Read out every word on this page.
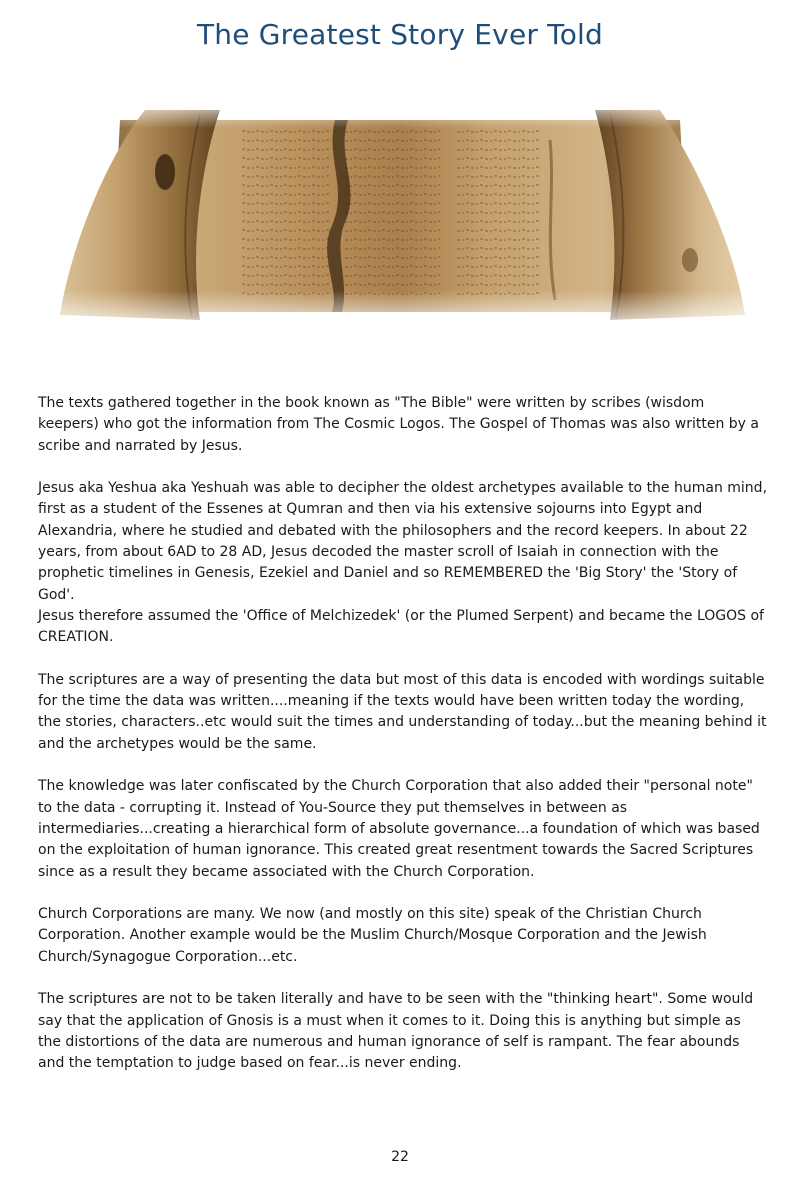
The Greatest Story Ever Told

The texts gathered together in the book known as "The Bible" were written by scribes (wisdom keepers) who got the information from The Cosmic Logos. The Gospel of Thomas was also written by a scribe and narrated by Jesus.

Jesus aka Yeshua aka Yeshuah was able to decipher the oldest archetypes available to the human mind, first as a student of the Essenes at Qumran and then via his extensive sojourns into Egypt and Alexandria, where he studied and debated with the philosophers and the record keepers. In about 22 years, from about 6AD to 28 AD, Jesus decoded the master scroll of Isaiah in connection with the prophetic timelines in Genesis, Ezekiel and Daniel and so REMEMBERED the 'Big Story' the 'Story of God'.
Jesus therefore assumed the 'Office of Melchizedek' (or the Plumed Serpent) and became the LOGOS of CREATION.

The scriptures are a way of presenting the data but most of this data is encoded with wordings suitable for the time the data was written....meaning if the texts would have been written today the wording, the stories, characters..etc would suit the times and understanding of today...but the meaning behind it and the archetypes would be the same.

The knowledge was later confiscated by the Church Corporation that also added their "personal note" to the data - corrupting it. Instead of You-Source they put themselves in between as intermediaries...creating a hierarchical form of absolute governance...a foundation of which was based on the exploitation of human ignorance. This created great resentment towards the Sacred Scriptures since as a result they became associated with the Church Corporation.

Church Corporations are many. We now (and mostly on this site) speak of the Christian Church Corporation. Another example would be the Muslim Church/Mosque Corporation and the Jewish Church/Synagogue Corporation...etc.

The scriptures are not to be taken literally and have to be seen with the "thinking heart". Some would say that the application of Gnosis is a must when it comes to it. Doing this is anything but simple as the distortions of the data are numerous and human ignorance of self is rampant. The fear abounds and the temptation to judge based on fear...is never ending.

22
